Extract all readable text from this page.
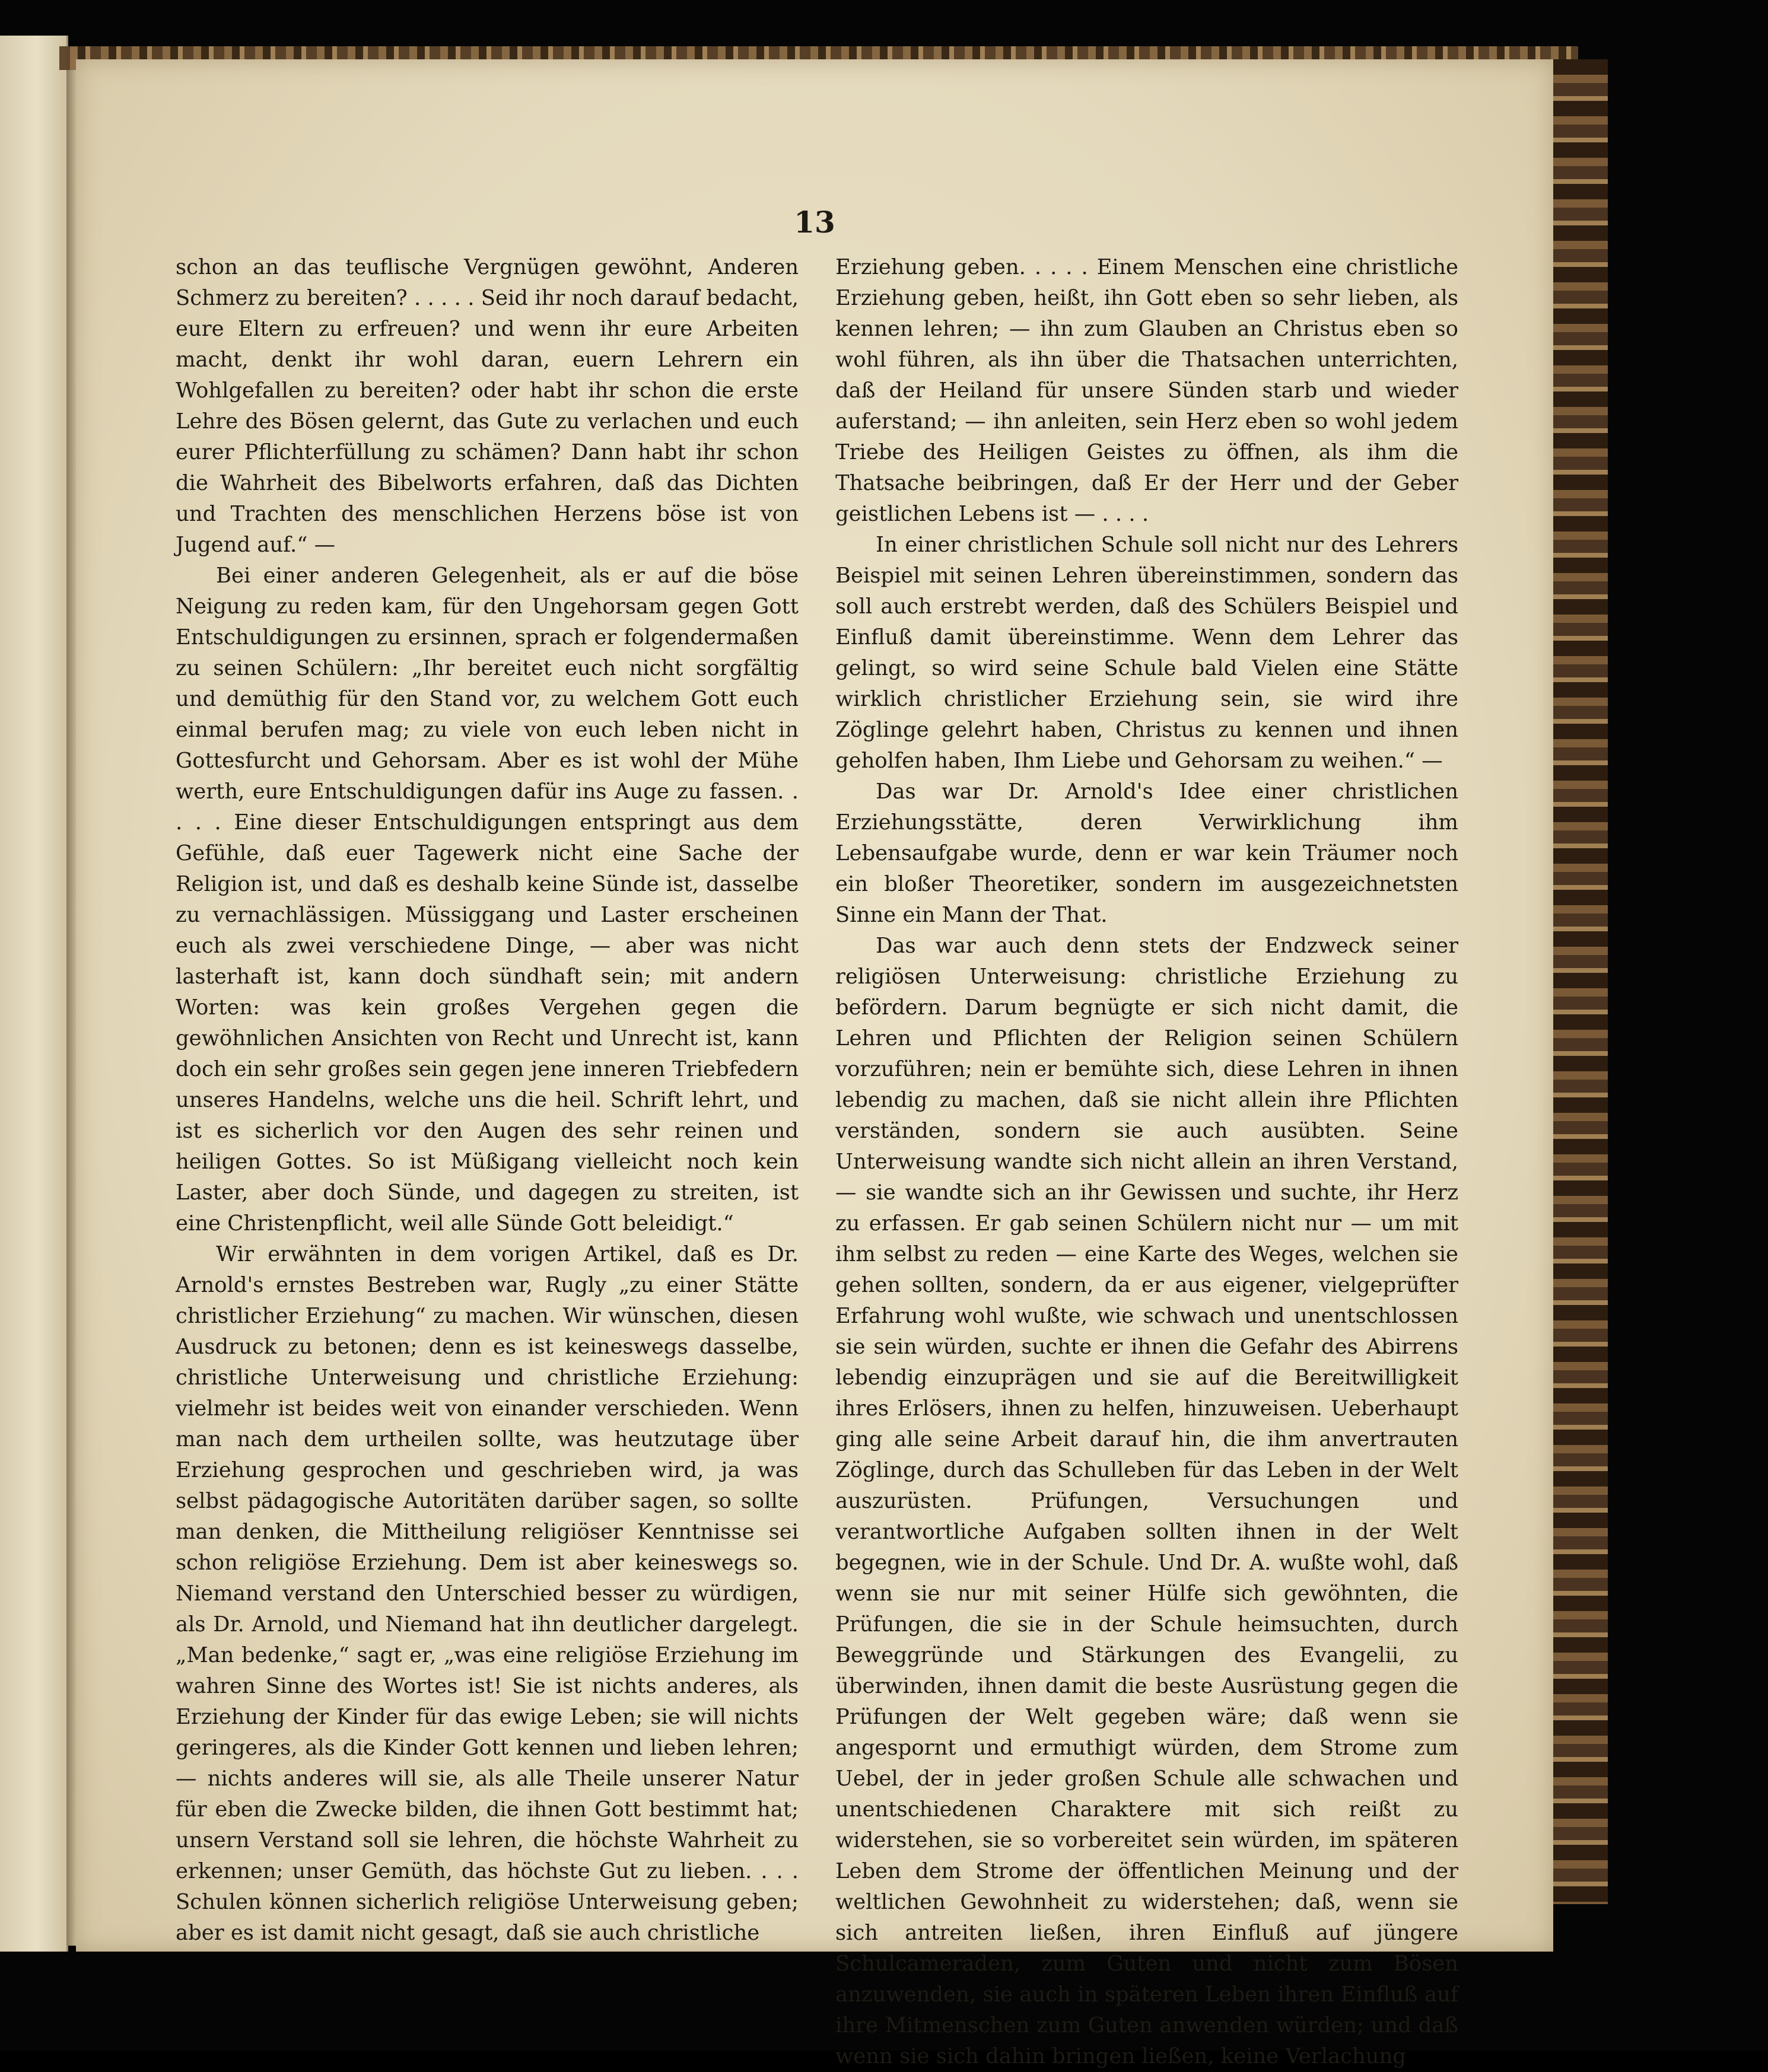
13

schon an das teuflische Vergnügen gewöhnt, Anderen Schmerz zu bereiten? . . . . . Seid ihr noch darauf bedacht, eure Eltern zu erfreuen? und wenn ihr eure Arbeiten macht, denkt ihr wohl daran, euern Lehrern ein Wohlgefallen zu bereiten? oder habt ihr schon die erste Lehre des Bösen gelernt, das Gute zu verlachen und euch eurer Pflichterfüllung zu schämen? Dann habt ihr schon die Wahrheit des Bibelworts erfahren, daß das Dichten und Trachten des menschlichen Herzens böse ist von Jugend auf.“ —

Bei einer anderen Gelegenheit, als er auf die böse Neigung zu reden kam, für den Ungehorsam gegen Gott Entschuldigungen zu ersinnen, sprach er folgendermaßen zu seinen Schülern: „Ihr bereitet euch nicht sorgfältig und demüthig für den Stand vor, zu welchem Gott euch einmal berufen mag; zu viele von euch leben nicht in Gottesfurcht und Gehorsam. Aber es ist wohl der Mühe werth, eure Entschuldigungen dafür ins Auge zu fassen. . . . . Eine dieser Entschuldigungen entspringt aus dem Gefühle, daß euer Tagewerk nicht eine Sache der Religion ist, und daß es deshalb keine Sünde ist, dasselbe zu vernachlässigen. Müssiggang und Laster erscheinen euch als zwei verschiedene Dinge, — aber was nicht lasterhaft ist, kann doch sündhaft sein; mit andern Worten: was kein großes Vergehen gegen die gewöhnlichen Ansichten von Recht und Unrecht ist, kann doch ein sehr großes sein gegen jene inneren Triebfedern unseres Handelns, welche uns die heil. Schrift lehrt, und ist es sicherlich vor den Augen des sehr reinen und heiligen Gottes. So ist Müßigang vielleicht noch kein Laster, aber doch Sünde, und dagegen zu streiten, ist eine Christenpflicht, weil alle Sünde Gott beleidigt.“

Wir erwähnten in dem vorigen Artikel, daß es Dr. Arnold's ernstes Bestreben war, Rugly „zu einer Stätte christlicher Erziehung“ zu machen. Wir wünschen, diesen Ausdruck zu betonen; denn es ist keineswegs dasselbe, christliche Unterweisung und christliche Erziehung: vielmehr ist beides weit von einander verschieden. Wenn man nach dem urtheilen sollte, was heutzutage über Erziehung gesprochen und geschrieben wird, ja was selbst pädagogische Autoritäten darüber sagen, so sollte man denken, die Mittheilung religiöser Kenntnisse sei schon religiöse Erziehung. Dem ist aber keineswegs so. Niemand verstand den Unterschied besser zu würdigen, als Dr. Arnold, und Niemand hat ihn deutlicher dargelegt. „Man bedenke,“ sagt er, „was eine religiöse Erziehung im wahren Sinne des Wortes ist! Sie ist nichts anderes, als Erziehung der Kinder für das ewige Leben; sie will nichts geringeres, als die Kinder Gott kennen und lieben lehren; — nichts anderes will sie, als alle Theile unserer Natur für eben die Zwecke bilden, die ihnen Gott bestimmt hat; unsern Verstand soll sie lehren, die höchste Wahrheit zu erkennen; unser Gemüth, das höchste Gut zu lieben. . . . Schulen können sicherlich religiöse Unterweisung geben; aber es ist damit nicht gesagt, daß sie auch christliche

Erziehung geben. . . . . Einem Menschen eine christliche Erziehung geben, heißt, ihn Gott eben so sehr lieben, als kennen lehren; — ihn zum Glauben an Christus eben so wohl führen, als ihn über die Thatsachen unterrichten, daß der Heiland für unsere Sünden starb und wieder auferstand; — ihn anleiten, sein Herz eben so wohl jedem Triebe des Heiligen Geistes zu öffnen, als ihm die Thatsache beibringen, daß Er der Herr und der Geber geistlichen Lebens ist — . . . .

In einer christlichen Schule soll nicht nur des Lehrers Beispiel mit seinen Lehren übereinstimmen, sondern das soll auch erstrebt werden, daß des Schülers Beispiel und Einfluß damit übereinstimme. Wenn dem Lehrer das gelingt, so wird seine Schule bald Vielen eine Stätte wirklich christlicher Erziehung sein, sie wird ihre Zöglinge gelehrt haben, Christus zu kennen und ihnen geholfen haben, Ihm Liebe und Gehorsam zu weihen.“ —

Das war Dr. Arnold's Idee einer christlichen Erziehungsstätte, deren Verwirklichung ihm Lebensaufgabe wurde, denn er war kein Träumer noch ein bloßer Theoretiker, sondern im ausgezeichnetsten Sinne ein Mann der That.

Das war auch denn stets der Endzweck seiner religiösen Unterweisung: christliche Erziehung zu befördern. Darum begnügte er sich nicht damit, die Lehren und Pflichten der Religion seinen Schülern vorzuführen; nein er bemühte sich, diese Lehren in ihnen lebendig zu machen, daß sie nicht allein ihre Pflichten verständen, sondern sie auch ausübten. Seine Unterweisung wandte sich nicht allein an ihren Verstand, — sie wandte sich an ihr Gewissen und suchte, ihr Herz zu erfassen. Er gab seinen Schülern nicht nur — um mit ihm selbst zu reden — eine Karte des Weges, welchen sie gehen sollten, sondern, da er aus eigener, vielgeprüfter Erfahrung wohl wußte, wie schwach und unentschlossen sie sein würden, suchte er ihnen die Gefahr des Abirrens lebendig einzuprägen und sie auf die Bereitwilligkeit ihres Erlösers, ihnen zu helfen, hinzuweisen. Ueberhaupt ging alle seine Arbeit darauf hin, die ihm anvertrauten Zöglinge, durch das Schulleben für das Leben in der Welt auszurüsten. Prüfungen, Versuchungen und verantwortliche Aufgaben sollten ihnen in der Welt begegnen, wie in der Schule. Und Dr. A. wußte wohl, daß wenn sie nur mit seiner Hülfe sich gewöhnten, die Prüfungen, die sie in der Schule heimsuchten, durch Beweggründe und Stärkungen des Evangelii, zu überwinden, ihnen damit die beste Ausrüstung gegen die Prüfungen der Welt gegeben wäre; daß wenn sie angespornt und ermuthigt würden, dem Strome zum Uebel, der in jeder großen Schule alle schwachen und unentschiedenen Charaktere mit sich reißt zu widerstehen, sie so vorbereitet sein würden, im späteren Leben dem Strome der öffentlichen Meinung und der weltlichen Gewohnheit zu widerstehen; daß, wenn sie sich antreiten ließen, ihren Einfluß auf jüngere Schulcameraden, zum Guten und nicht zum Bösen anzuwenden, sie auch in späteren Leben ihren Einfluß auf ihre Mitmenschen zum Guten anwenden würden; und daß wenn sie sich dahin bringen ließen, keine Verlachung
